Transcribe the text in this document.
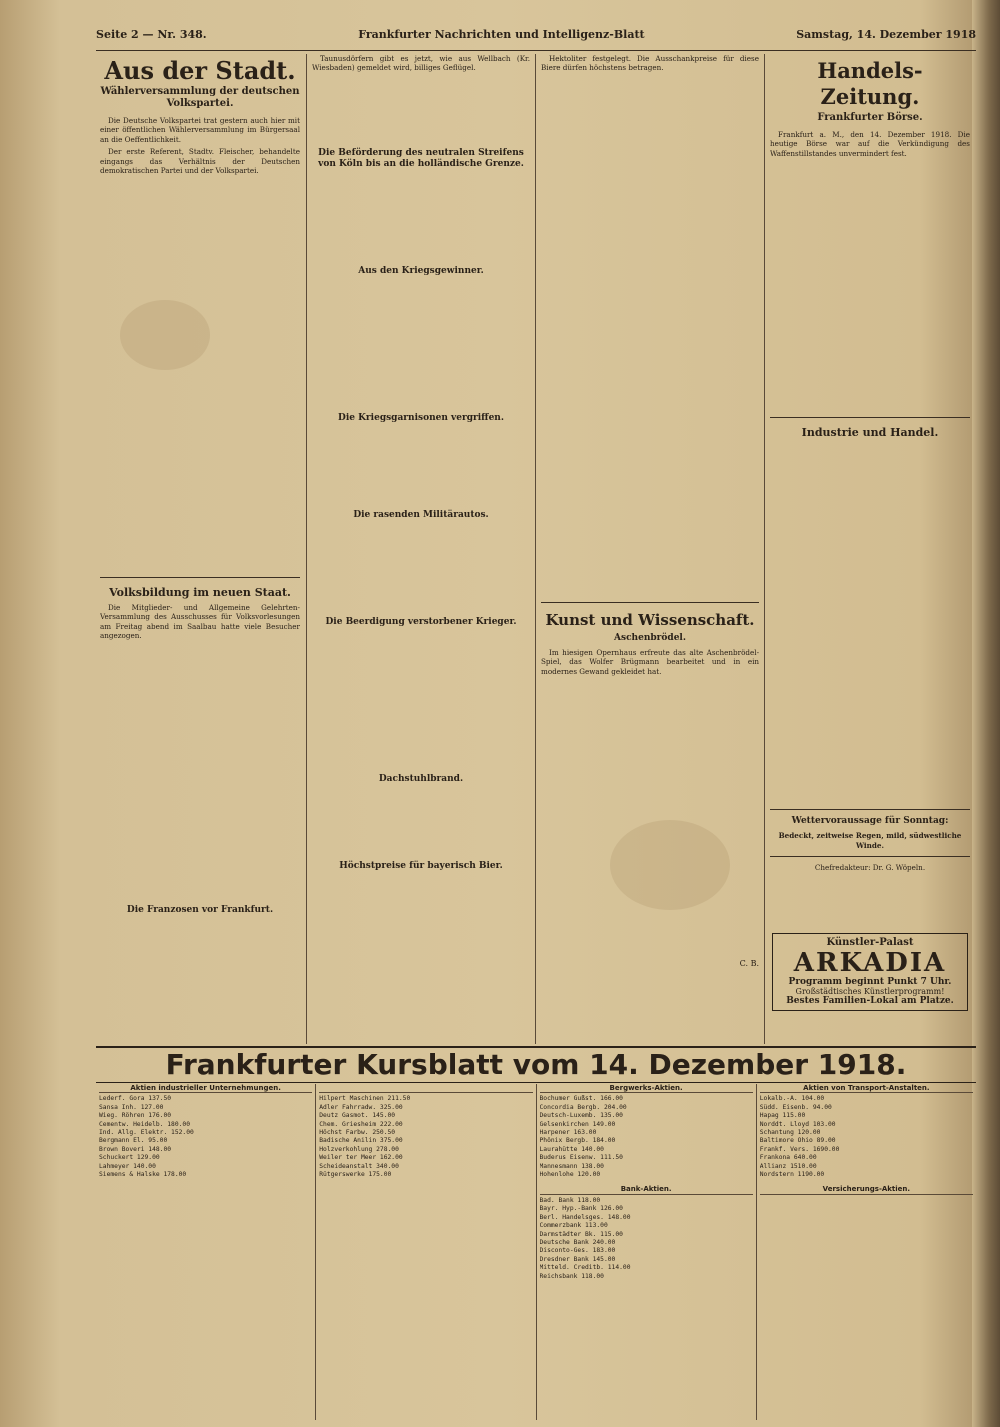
Seite 2 — Nr. 348.	Frankfurter Nachrichten und Intelligenz-Blatt	Samstag, 14. Dezember 1918
Aus der Stadt.
Wählerversammlung der deutschen Volkspartei.

Die Deutsche Volkspartei trat gestern auch hier mit einer öffentlichen Wählerversammlung im Bürgersaal an die Oeffentlichkeit.

Der erste Referent, Stadtv. Fleischer, behandelte eingangs das Verhältnis der Deutschen demokratischen Partei und der Volkspartei.

Volksbildung im neuen Staat.

Die Mitglieder- und Allgemeine Gelehrten-Versammlung des Ausschusses für Volksvorlesungen am Freitag abend im Saalbau hatte viele Besucher angezogen.

Die Franzosen vor Frankfurt.

Taunusdörfern gibt es jetzt, wie aus Wellbach (Kr. Wiesbaden) gemeldet wird, billiges Geflügel.

Die Beförderung des neutralen Streifens von Köln bis an die holländische Grenze.
Aus den Kriegsgewinner.
Die Kriegsgarnisonen vergriffen.
Die rasenden Militärautos.
Die Beerdigung verstorbener Krieger.
Dachstuhlbrand.
Höchstpreise für bayerisch Bier.

Hektoliter festgelegt. Die Ausschankpreise für diese Biere dürfen höchstens betragen.

Kunst und Wissenschaft.
Aschenbrödel.

Im hiesigen Opernhaus erfreute das alte Aschenbrödel-Spiel, das Wolfer Brügmann bearbeitet und in ein modernes Gewand gekleidet hat.

C. B.
Handels-Zeitung.
Frankfurter Börse.

Frankfurt a. M., den 14. Dezember 1918. Die heutige Börse war auf die Verkündigung des Waffenstillstandes unvermindert fest.

Industrie und Handel.
Wettervoraussage für Sonntag:

Bedeckt, zeitweise Regen, mild, südwestliche Winde.

Chefredakteur: Dr. G. Wöpeln.

Künstler-Palast
ARKADIA
Programm beginnt Punkt 7 Uhr.
Großstädtisches Künstlerprogramm!
Bestes Familien-Lokal am Platze.
Frankfurter Kursblatt vom 14. Dezember 1918.
Aktien industrieller Unternehmungen.
Lederf. Gora 137.50
Sansa Inh. 127.00
Wieg. Röhren 176.00
Cementw. Heidelb. 180.00
Ind. Allg. Elektr. 152.00
Bergmann El. 95.00
Brown Boveri 148.00
Schuckert 129.00
Lahmeyer 140.00
Siemens & Halske 178.00

Hilpert Maschinen 211.50
Adler Fahrradw. 325.00
Deutz Gasmot. 145.00
Chem. Griesheim 222.00
Höchst Farbw. 250.50
Badische Anilin 375.00
Holzverkohlung 278.00
Weiler ter Meer 162.00
Scheideanstalt 340.00
Rütgerswerke 175.00
Bergwerks-Aktien.
Bochumer Gußst. 166.00
Concordia Bergb. 204.00
Deutsch-Luxemb. 135.00
Gelsenkirchen 149.00
Harpener 163.00
Phönix Bergb. 184.00
Laurahütte 140.00
Buderus Eisenw. 111.50
Mannesmann 138.00
Hohenlohe 120.00
Bank-Aktien.
Bad. Bank 118.00
Bayr. Hyp.-Bank 126.00
Berl. Handelsges. 148.00
Commerzbank 113.00
Darmstädter Bk. 115.00
Deutsche Bank 240.00
Disconto-Ges. 183.00
Dresdner Bank 145.00
Mitteld. Creditb. 114.00
Reichsbank 118.00
Aktien von Transport-Anstalten.
Lokalb.-A. 104.00
Südd. Eisenb. 94.00
Hapag 115.00
Norddt. Lloyd 103.00
Schantung 120.00
Baltimore Ohio 89.00
Frankf. Vers. 1690.00
Frankona 640.00
Allianz 1510.00
Nordstern 1190.00
Versicherungs-Aktien.
